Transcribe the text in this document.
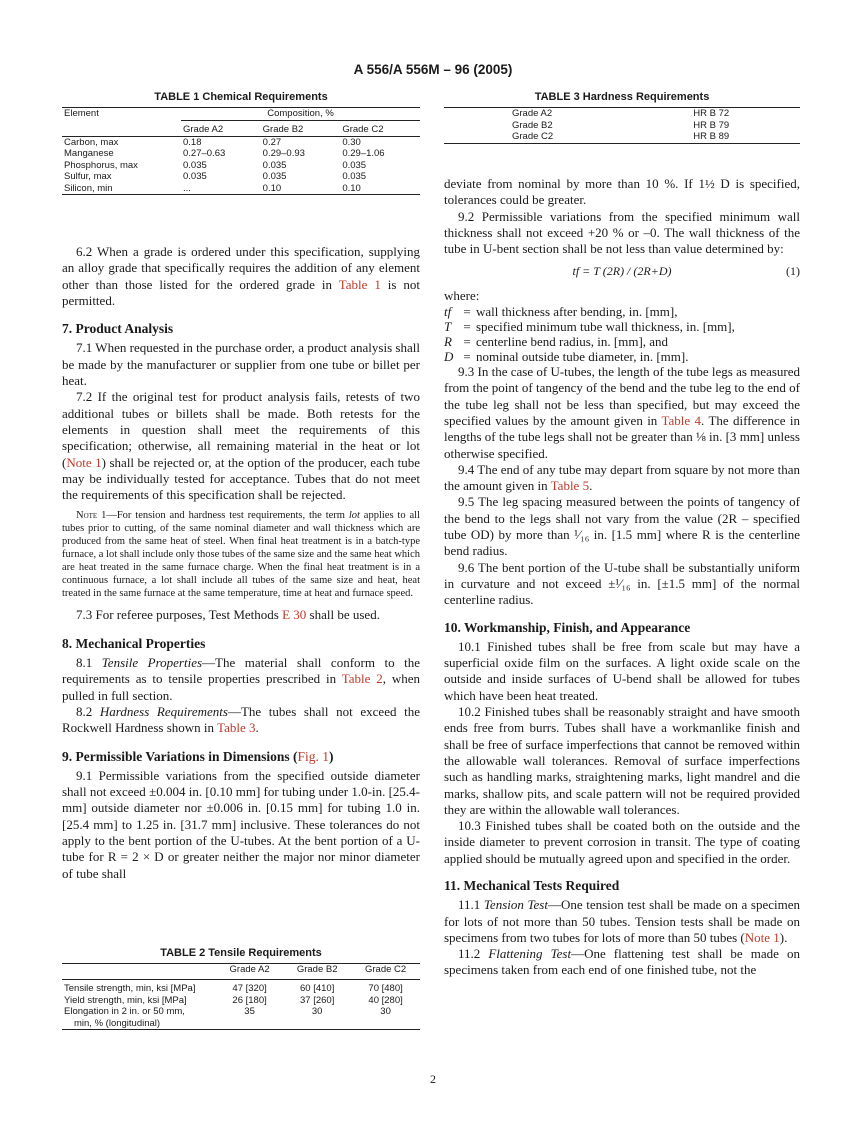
A 556/A 556M – 96 (2005)
TABLE 1 Chemical Requirements
Element	Composition, %		
	Grade A2	Grade B2	Grade C2
Carbon, max	0.18	0.27	0.30
Manganese	0.27–0.63	0.29–0.93	0.29–1.06
Phosphorus, max	0.035	0.035	0.035
Sulfur, max	0.035	0.035	0.035
Silicon, min	...	0.10	0.10
TABLE 3 Hardness Requirements
Grade A2	HR B 72
Grade B2	HR B 79
Grade C2	HR B 89

6.2 When a grade is ordered under this specification, supplying an alloy grade that specifically requires the addition of any element other than those listed for the ordered grade in Table 1 is not permitted.

7. Product Analysis

7.1 When requested in the purchase order, a product analysis shall be made by the manufacturer or supplier from one tube or billet per heat.

7.2 If the original test for product analysis fails, retests of two additional tubes or billets shall be made. Both retests for the elements in question shall meet the requirements of this specification; otherwise, all remaining material in the heat or lot (Note 1) shall be rejected or, at the option of the producer, each tube may be individually tested for acceptance. Tubes that do not meet the requirements of this specification shall be rejected.

Note 1—For tension and hardness test requirements, the term lot applies to all tubes prior to cutting, of the same nominal diameter and wall thickness which are produced from the same heat of steel. When final heat treatment is in a batch-type furnace, a lot shall include only those tubes of the same size and the same heat which are heat treated in the same furnace charge. When the final heat treatment is in a continuous furnace, a lot shall include all tubes of the same size and heat, heat treated in the same furnace at the same temperature, time at heat and furnace speed.

7.3 For referee purposes, Test Methods E 30 shall be used.

8. Mechanical Properties

8.1 Tensile Properties—The material shall conform to the requirements as to tensile properties prescribed in Table 2, when pulled in full section.

8.2 Hardness Requirements—The tubes shall not exceed the Rockwell Hardness shown in Table 3.

9. Permissible Variations in Dimensions (Fig. 1)

9.1 Permissible variations from the specified outside diameter shall not exceed ±0.004 in. [0.10 mm] for tubing under 1.0-in. [25.4-mm] outside diameter nor ±0.006 in. [0.15 mm] for tubing 1.0 in. [25.4 mm] to 1.25 in. [31.7 mm] inclusive. These tolerances do not apply to the bent portion of the U-tubes. At the bent portion of a U-tube for R = 2 × D or greater neither the major nor minor diameter of tube shall

TABLE 2 Tensile Requirements
	Grade A2	Grade B2	Grade C2
Tensile strength, min, ksi [MPa]	47 [320]	60 [410]	70 [480]
Yield strength, min, ksi [MPa]	26 [180]	37 [260]	40 [280]

Elongation in 2 in. or 50 mm,
min, % (longitudinal)	35	30	30

deviate from nominal by more than 10 %. If 1½ D is specified, tolerances could be greater.

9.2 Permissible variations from the specified minimum wall thickness shall not exceed +20 % or –0. The wall thickness of the tube in U-bent section shall be not less than value determined by:

tf = T (2R) / (2R+D)	(1)
where:
tf = wall thickness after bending, in. [mm],
T = specified minimum tube wall thickness, in. [mm],
R = centerline bend radius, in. [mm], and
D = nominal outside tube diameter, in. [mm].

9.3 In the case of U-tubes, the length of the tube legs as measured from the point of tangency of the bend and the tube leg to the end of the tube leg shall not be less than specified, but may exceed the specified values by the amount given in Table 4. The difference in lengths of the tube legs shall not be greater than ⅛ in. [3 mm] unless otherwise specified.

9.4 The end of any tube may depart from square by not more than the amount given in Table 5.

9.5 The leg spacing measured between the points of tangency of the bend to the legs shall not vary from the value (2R – specified tube OD) by more than ¹⁄₁₆ in. [1.5 mm] where R is the centerline bend radius.

9.6 The bent portion of the U-tube shall be substantially uniform in curvature and not exceed ±¹⁄₁₆ in. [±1.5 mm] of the normal centerline radius.

10. Workmanship, Finish, and Appearance

10.1 Finished tubes shall be free from scale but may have a superficial oxide film on the surfaces. A light oxide scale on the outside and inside surfaces of U-bend shall be allowed for tubes which have been heat treated.

10.2 Finished tubes shall be reasonably straight and have smooth ends free from burrs. Tubes shall have a workmanlike finish and shall be free of surface imperfections that cannot be removed within the allowable wall tolerances. Removal of surface imperfections such as handling marks, straightening marks, light mandrel and die marks, shallow pits, and scale pattern will not be required provided they are within the allowable wall tolerances.

10.3 Finished tubes shall be coated both on the outside and the inside diameter to prevent corrosion in transit. The type of coating applied should be mutually agreed upon and specified in the order.

11. Mechanical Tests Required

11.1 Tension Test—One tension test shall be made on a specimen for lots of not more than 50 tubes. Tension tests shall be made on specimens from two tubes for lots of more than 50 tubes (Note 1).

11.2 Flattening Test—One flattening test shall be made on specimens taken from each end of one finished tube, not the

2
